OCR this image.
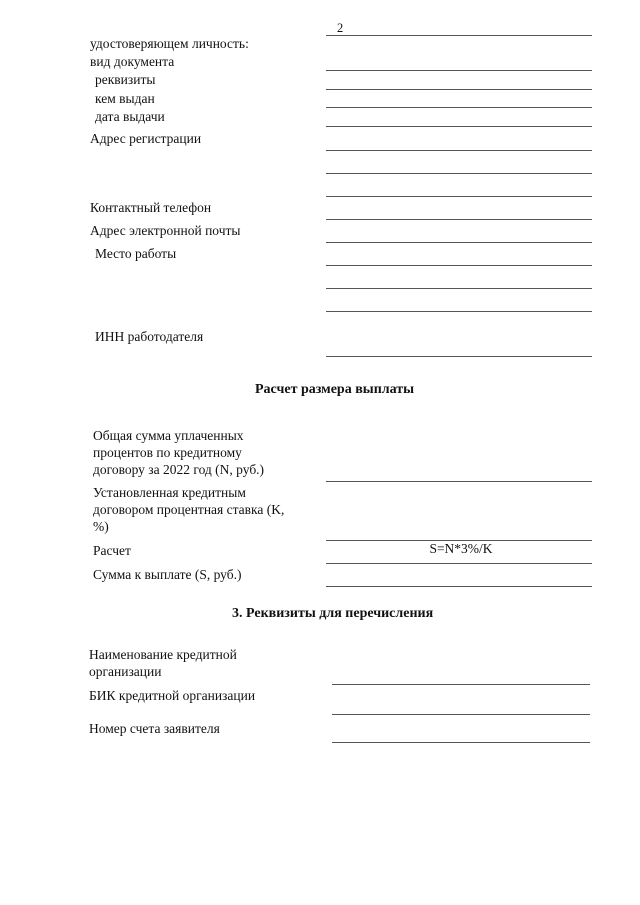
2
удостоверяющем личность:
вид документа
реквизиты
кем выдан
дата выдачи
Адрес регистрации
Контактный телефон
Адрес электронной почты
Место работы
ИНН работодателя
Расчет размера выплаты
Общая сумма уплаченных
процентов по кредитному
договору за 2022 год (N, руб.)
Установленная кредитным
договором процентная ставка (K,
%)
Расчет	S=N*3%/K
Сумма к выплате (S, руб.)
3. Реквизиты для перечисления
Наименование кредитной
организации
БИК кредитной организации
Номер счета заявителя
